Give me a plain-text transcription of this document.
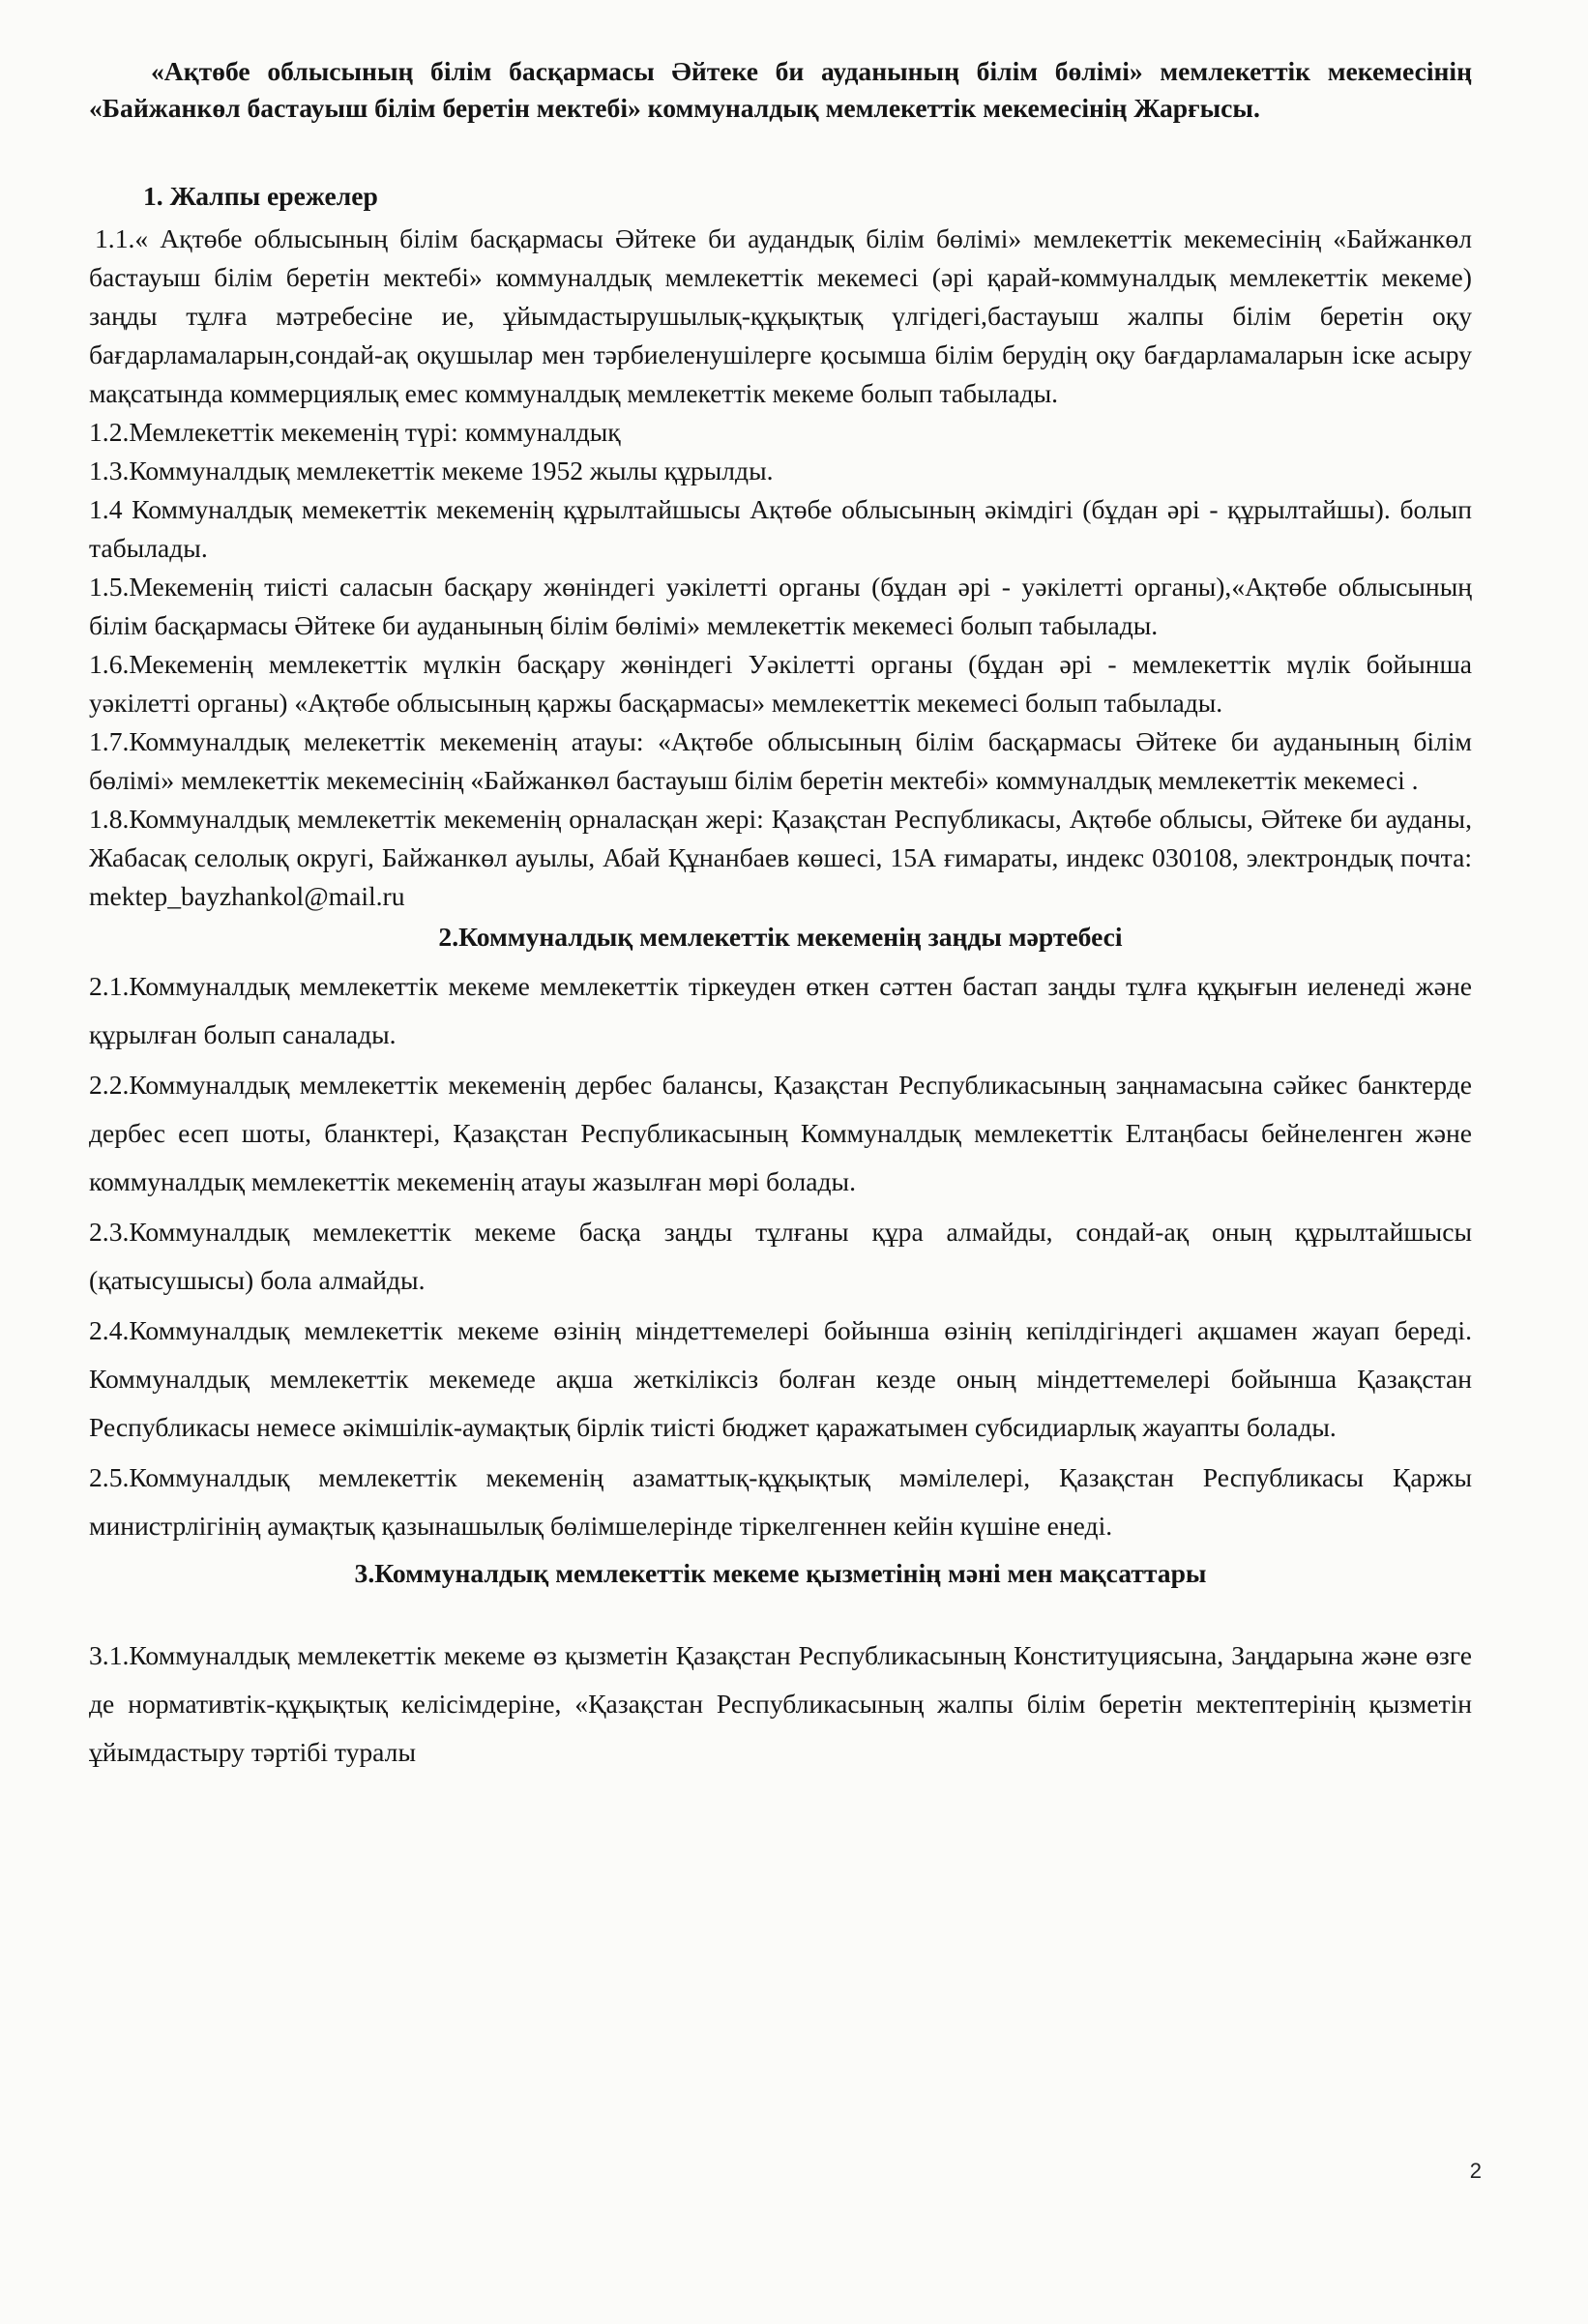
«Ақтөбе облысының білім басқармасы Әйтеке би ауданының білім бөлімі» мемлекеттік мекемесінің «Байжанкөл бастауыш білім беретін мектебі» коммуналдық мемлекеттік мекемесінің Жарғысы.

1. Жалпы ережелер

1.1.« Ақтөбе облысының білім басқармасы Әйтеке би аудандық білім бөлімі» мемлекеттік мекемесінің «Байжанкөл бастауыш білім беретін мектебі» коммуналдық мемлекеттік мекемесі (әрі қарай-коммуналдық мемлекеттік мекеме) заңды тұлға мәтребесіне ие, ұйымдастырушылық-құқықтық үлгідегі,бастауыш жалпы білім беретін оқу бағдарламаларын,сондай-ақ оқушылар мен тәрбиеленушілерге қосымша білім берудің оқу бағдарламаларын іске асыру мақсатында коммерциялық емес коммуналдық мемлекеттік мекеме болып табылады.

1.2.Мемлекеттік мекеменің түрі: коммуналдық

1.3.Коммуналдық мемлекеттік мекеме 1952 жылы құрылды.

1.4 Коммуналдық мемекеттік мекеменің құрылтайшысы Ақтөбе облысының әкімдігі (бұдан әрі - құрылтайшы). болып табылады.

1.5.Мекеменің тиісті саласын басқару жөніндегі уәкілетті органы (бұдан әрі - уәкілетті органы),«Ақтөбе облысының білім басқармасы Әйтеке би ауданының білім бөлімі» мемлекеттік мекемесі болып табылады.

1.6.Мекеменің мемлекеттік мүлкін басқару жөніндегі Уәкілетті органы (бұдан әрі - мемлекеттік мүлік бойынша уәкілетті органы) «Ақтөбе облысының қаржы басқармасы» мемлекеттік мекемесі болып табылады.

1.7.Коммуналдық мелекеттік мекеменің атауы: «Ақтөбе облысының білім басқармасы Әйтеке би ауданының білім бөлімі» мемлекеттік мекемесінің «Байжанкөл бастауыш білім беретін мектебі» коммуналдық мемлекеттік мекемесі .

1.8.Коммуналдық мемлекеттік мекеменің орналасқан жері: Қазақстан Республикасы, Ақтөбе облысы, Әйтеке би ауданы, Жабасақ селолық округі, Байжанкөл ауылы, Абай Құнанбаев көшесі, 15А ғимараты, индекс 030108, электрондық почта: mektep_bayzhankol@mail.ru

2.Коммуналдық мемлекеттік мекеменің заңды мәртебесі

2.1.Коммуналдық мемлекеттік мекеме мемлекеттік тіркеуден өткен сәттен бастап заңды тұлға құқығын иеленеді және құрылған болып саналады.

2.2.Коммуналдық мемлекеттік мекеменің дербес балансы, Қазақстан Республикасының заңнамасына сәйкес банктерде дербес есеп шоты, бланктері, Қазақстан Республикасының Коммуналдық мемлекеттік Елтаңбасы бейнеленген және коммуналдық мемлекеттік мекеменің атауы жазылған мөрі болады.

2.3.Коммуналдық мемлекеттік мекеме басқа заңды тұлғаны құра алмайды, сондай-ақ оның құрылтайшысы (қатысушысы) бола алмайды.

2.4.Коммуналдық мемлекеттік мекеме өзінің міндеттемелері бойынша өзінің кепілдігіндегі ақшамен жауап береді. Коммуналдық мемлекеттік мекемеде ақша жеткіліксіз болған кезде оның міндеттемелері бойынша Қазақстан Республикасы немесе әкімшілік-аумақтық бірлік тиісті бюджет қаражатымен субсидиарлық жауапты болады.

2.5.Коммуналдық мемлекеттік мекеменің азаматтық-құқықтық мәмілелері, Қазақстан Республикасы Қаржы министрлігінің аумақтық қазынашылық бөлімшелерінде тіркелгеннен кейін күшіне енеді.

3.Коммуналдық мемлекеттік мекеме қызметінің мәні мен мақсаттары

3.1.Коммуналдық мемлекеттік мекеме өз қызметін Қазақстан Республикасының Конституциясына, Заңдарына және өзге де нормативтік-құқықтық келісімдеріне, «Қазақстан Республикасының жалпы білім беретін мектептерінің қызметін ұйымдастыру тәртібі туралы

2
